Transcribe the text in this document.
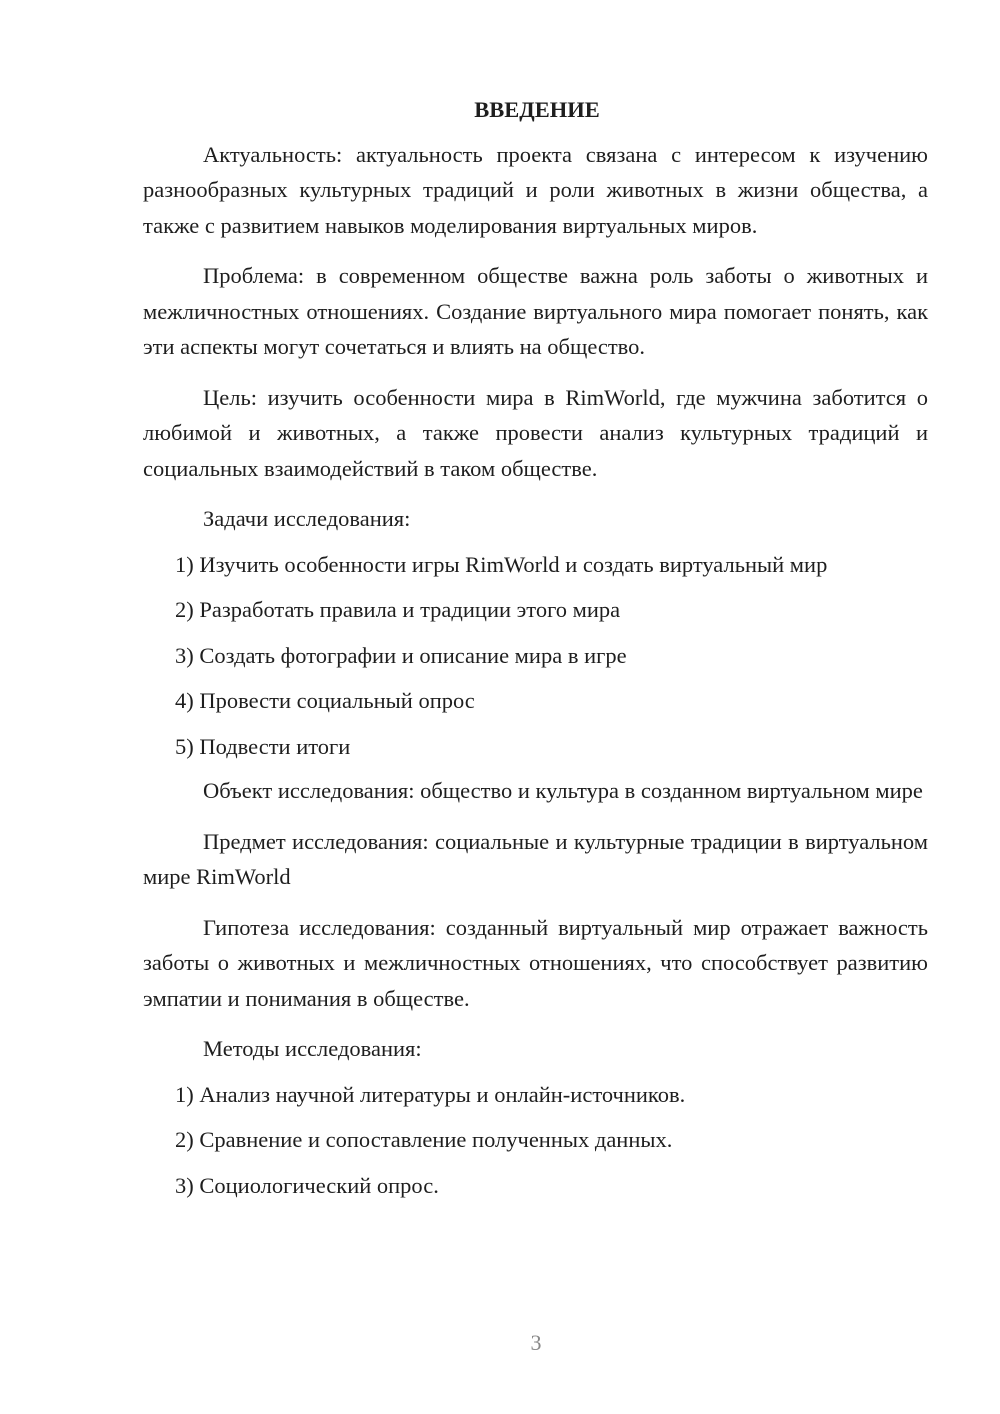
ВВЕДЕНИЕ

Актуальность: актуальность проекта связана с интересом к изучению разнообразных культурных традиций и роли животных в жизни общества, а также с развитием навыков моделирования виртуальных миров.

Проблема: в современном обществе важна роль заботы о животных и межличностных отношениях. Создание виртуального мира помогает понять, как эти аспекты могут сочетаться и влиять на общество.

Цель: изучить особенности мира в RimWorld, где мужчина заботится о любимой и животных, а также провести анализ культурных традиций и социальных взаимодействий в таком обществе.

Задачи исследования:

1) Изучить особенности игры RimWorld и создать виртуальный мир

2) Разработать правила и традиции этого мира

3) Создать фотографии и описание мира в игре

4) Провести социальный опрос

5) Подвести итоги

Объект исследования: общество и культура в созданном виртуальном мире

Предмет исследования: социальные и культурные традиции в виртуальном мире RimWorld

Гипотеза исследования: созданный виртуальный мир отражает важность заботы о животных и межличностных отношениях, что способствует развитию эмпатии и понимания в обществе.

Методы исследования:

1) Анализ научной литературы и онлайн-источников.

2) Сравнение и сопоставление полученных данных.

3) Социологический опрос.

3
